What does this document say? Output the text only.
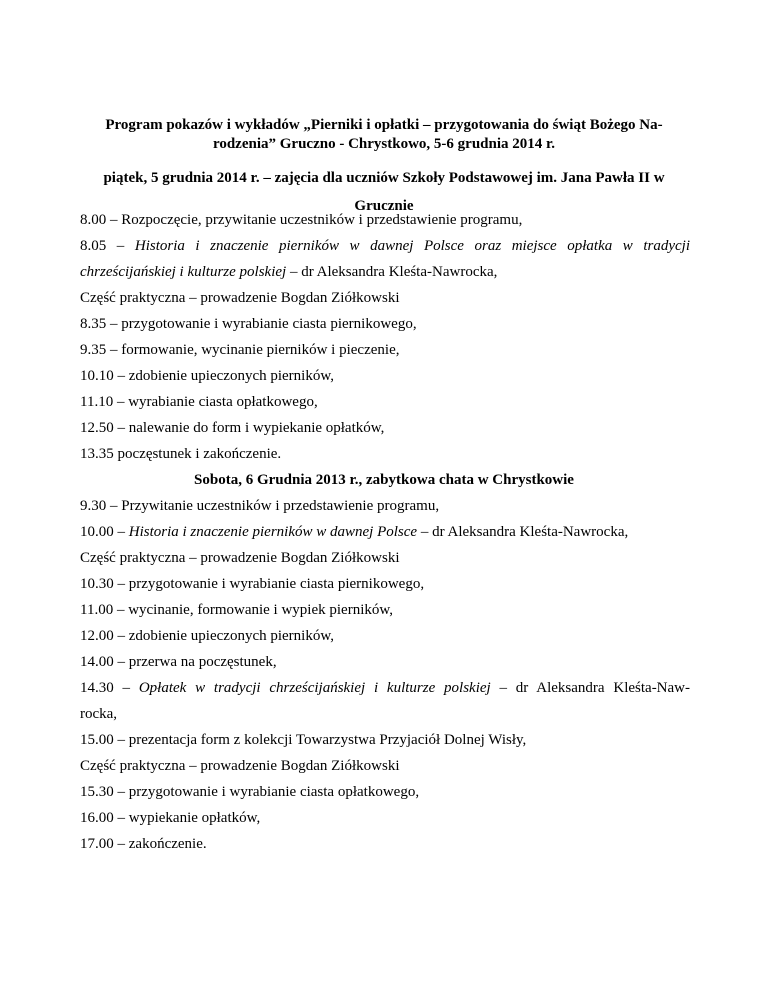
Program pokazów i wykładów „Pierniki i opłatki – przygotowania do świąt Bożego Na-
rodzenia” Gruczno - Chrystkowo, 5-6 grudnia 2014 r.
piątek, 5 grudnia 2014 r. – zajęcia dla uczniów Szkoły Podstawowej im. Jana Pawła II w
Grucznie
8.00 – Rozpoczęcie, przywitanie uczestników i przedstawienie programu,
8.05 – Historia i znaczenie pierników w dawnej Polsce oraz miejsce opłatka w tradycji
chrześcijańskiej i kulturze polskiej – dr Aleksandra Kleśta-Nawrocka,
Część praktyczna – prowadzenie Bogdan Ziółkowski
8.35 – przygotowanie i wyrabianie ciasta piernikowego,
9.35 – formowanie, wycinanie pierników i pieczenie,
10.10 – zdobienie upieczonych pierników,
11.10 – wyrabianie ciasta opłatkowego,
12.50 – nalewanie do form i wypiekanie opłatków,
13.35 poczęstunek i zakończenie.
Sobota, 6 Grudnia 2013 r., zabytkowa chata w Chrystkowie
9.30 – Przywitanie uczestników i przedstawienie programu,
10.00 – Historia i znaczenie pierników w dawnej Polsce – dr Aleksandra Kleśta-Nawrocka,
Część praktyczna – prowadzenie Bogdan Ziółkowski
10.30 – przygotowanie i wyrabianie ciasta piernikowego,
11.00 – wycinanie, formowanie i wypiek pierników,
12.00 – zdobienie upieczonych pierników,
14.00 – przerwa na poczęstunek,
14.30 – Opłatek w tradycji chrześcijańskiej i kulturze polskiej – dr Aleksandra Kleśta-Naw-
rocka,
15.00 – prezentacja form z kolekcji Towarzystwa Przyjaciół Dolnej Wisły,
Część praktyczna – prowadzenie Bogdan Ziółkowski
15.30 – przygotowanie i wyrabianie ciasta opłatkowego,
16.00 – wypiekanie opłatków,
17.00 – zakończenie.
